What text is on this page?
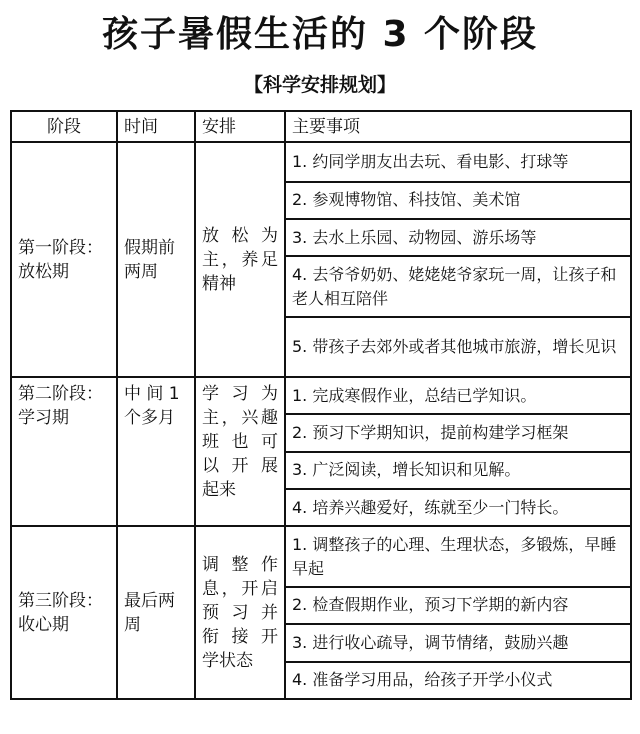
孩子暑假生活的 3 个阶段
【科学安排规划】
阶段	时间	安排	主要事项
第一阶段：放松期	假期前两周	放 松 为主，养足精神	1. 约同学朋友出去玩、看电影、打球等
			2. 参观博物馆、科技馆、美术馆
			3. 去水上乐园、动物园、游乐场等
			4. 去爷爷奶奶、姥姥姥爷家玩一周，让孩子和老人相互陪伴
			5. 带孩子去郊外或者其他城市旅游，增长见识
第二阶段：学习期	中 间 1 个多月	学 习 为主，兴趣班 也 可以 开 展起来	1. 完成寒假作业，总结已学知识。
			2. 预习下学期知识，提前构建学习框架
			3. 广泛阅读，增长知识和见解。
			4. 培养兴趣爱好，练就至少一门特长。
第三阶段：收心期	最后两周	调 整 作息，开启预 习 并衔 接 开学状态	1. 调整孩子的心理、生理状态，多锻炼，早睡早起
			2. 检查假期作业，预习下学期的新内容
			3. 进行收心疏导，调节情绪，鼓励兴趣
			4. 准备学习用品，给孩子开学小仪式
